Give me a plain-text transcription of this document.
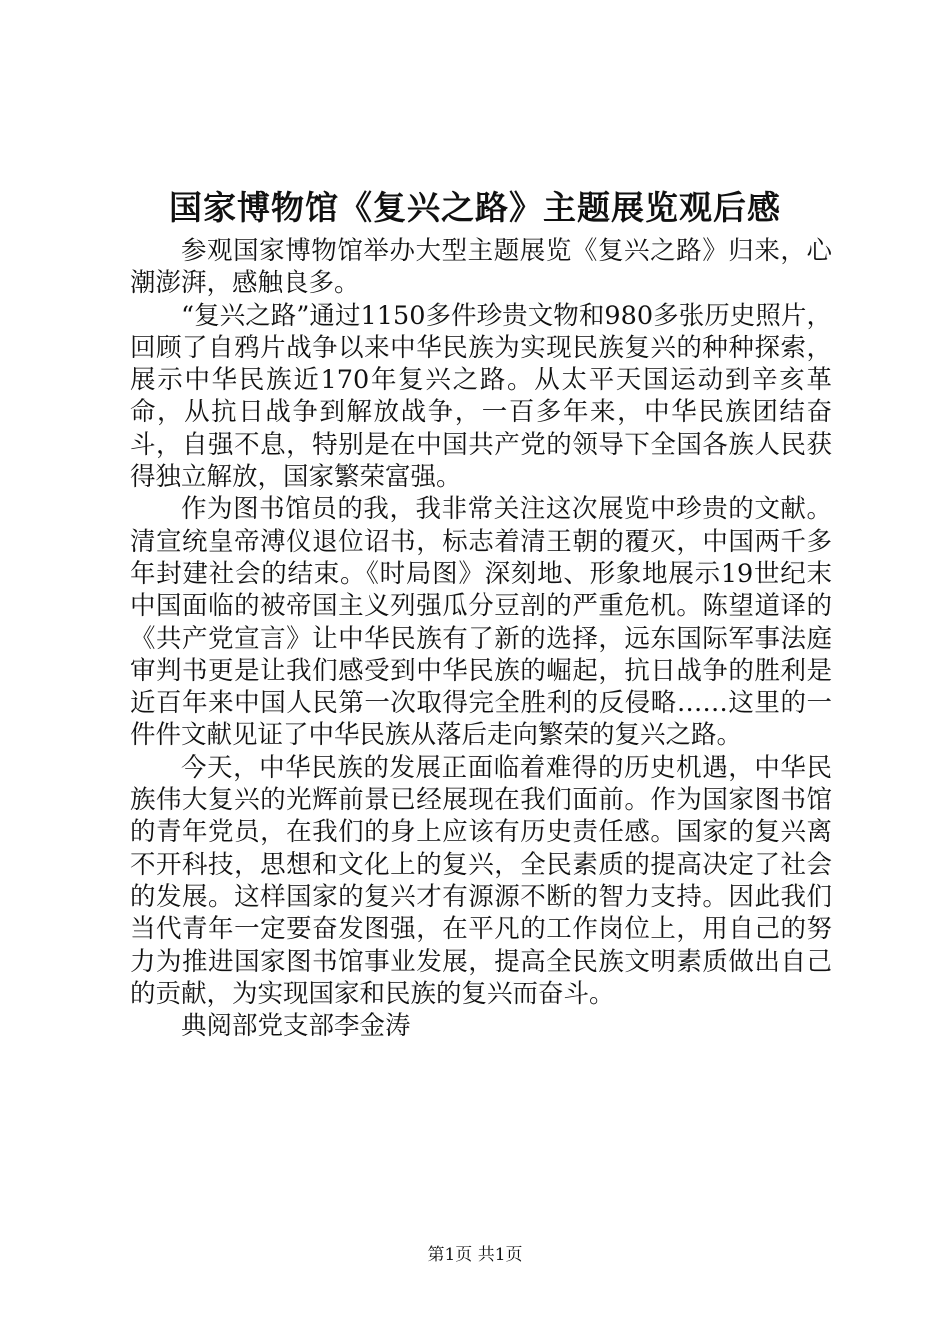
国家博物馆《复兴之路》主题展览观后感

参观国家博物馆举办大型主题展览《复兴之路》归来，心潮澎湃，感触良多。

“复兴之路”通过1150多件珍贵文物和980多张历史照片，回顾了自鸦片战争以来中华民族为实现民族复兴的种种探索，展示中华民族近170年复兴之路。从太平天国运动到辛亥革命，从抗日战争到解放战争，一百多年来，中华民族团结奋斗，自强不息，特别是在中国共产党的领导下全国各族人民获得独立解放，国家繁荣富强。

作为图书馆员的我，我非常关注这次展览中珍贵的文献。清宣统皇帝溥仪退位诏书，标志着清王朝的覆灭，中国两千多年封建社会的结束。《时局图》深刻地、形象地展示19世纪末中国面临的被帝国主义列强瓜分豆剖的严重危机。陈望道译的《共产党宣言》让中华民族有了新的选择，远东国际军事法庭审判书更是让我们感受到中华民族的崛起，抗日战争的胜利是近百年来中国人民第一次取得完全胜利的反侵略……这里的一件件文献见证了中华民族从落后走向繁荣的复兴之路。

今天，中华民族的发展正面临着难得的历史机遇，中华民族伟大复兴的光辉前景已经展现在我们面前。作为国家图书馆的青年党员，在我们的身上应该有历史责任感。国家的复兴离不开科技，思想和文化上的复兴，全民素质的提高决定了社会的发展。这样国家的复兴才有源源不断的智力支持。因此我们当代青年一定要奋发图强，在平凡的工作岗位上，用自己的努力为推进国家图书馆事业发展，提高全民族文明素质做出自己的贡献，为实现国家和民族的复兴而奋斗。

典阅部党支部李金涛

第1页 共1页
